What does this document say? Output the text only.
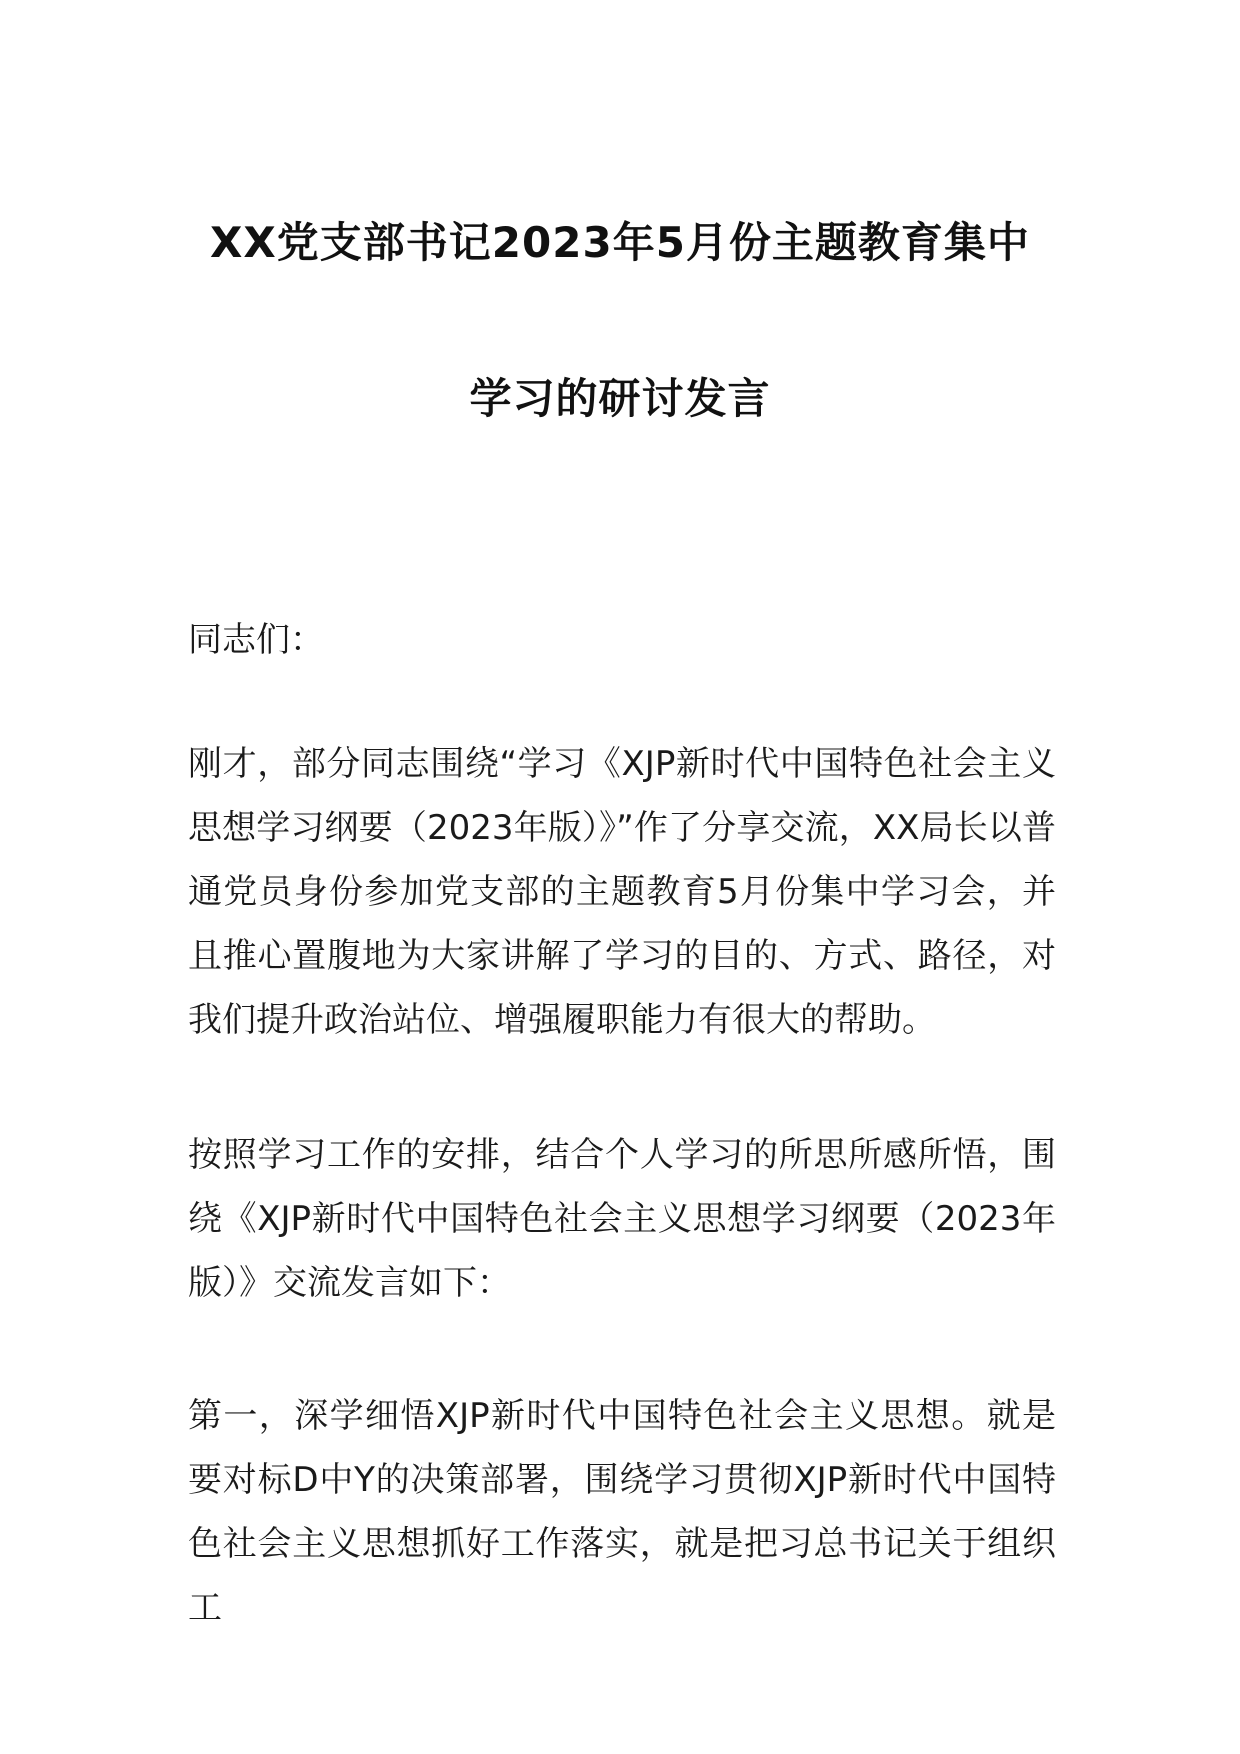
XX党支部书记2023年5月份主题教育集中
学习的研讨发言
同志们：
刚才，部分同志围绕“学习《XJP新时代中国特色社会主义思想学习纲要（2023年版）》”作了分享交流，XX局长以普通党员身份参加党支部的主题教育5月份集中学习会，并且推心置腹地为大家讲解了学习的目的、方式、路径，对我们提升政治站位、增强履职能力有很大的帮助。
按照学习工作的安排，结合个人学习的所思所感所悟，围绕《XJP新时代中国特色社会主义思想学习纲要（2023年版）》交流发言如下：
第一，深学细悟XJP新时代中国特色社会主义思想。就是要对标D中Y的决策部署，围绕学习贯彻XJP新时代中国特色社会主义思想抓好工作落实，就是把习总书记关于组织工
